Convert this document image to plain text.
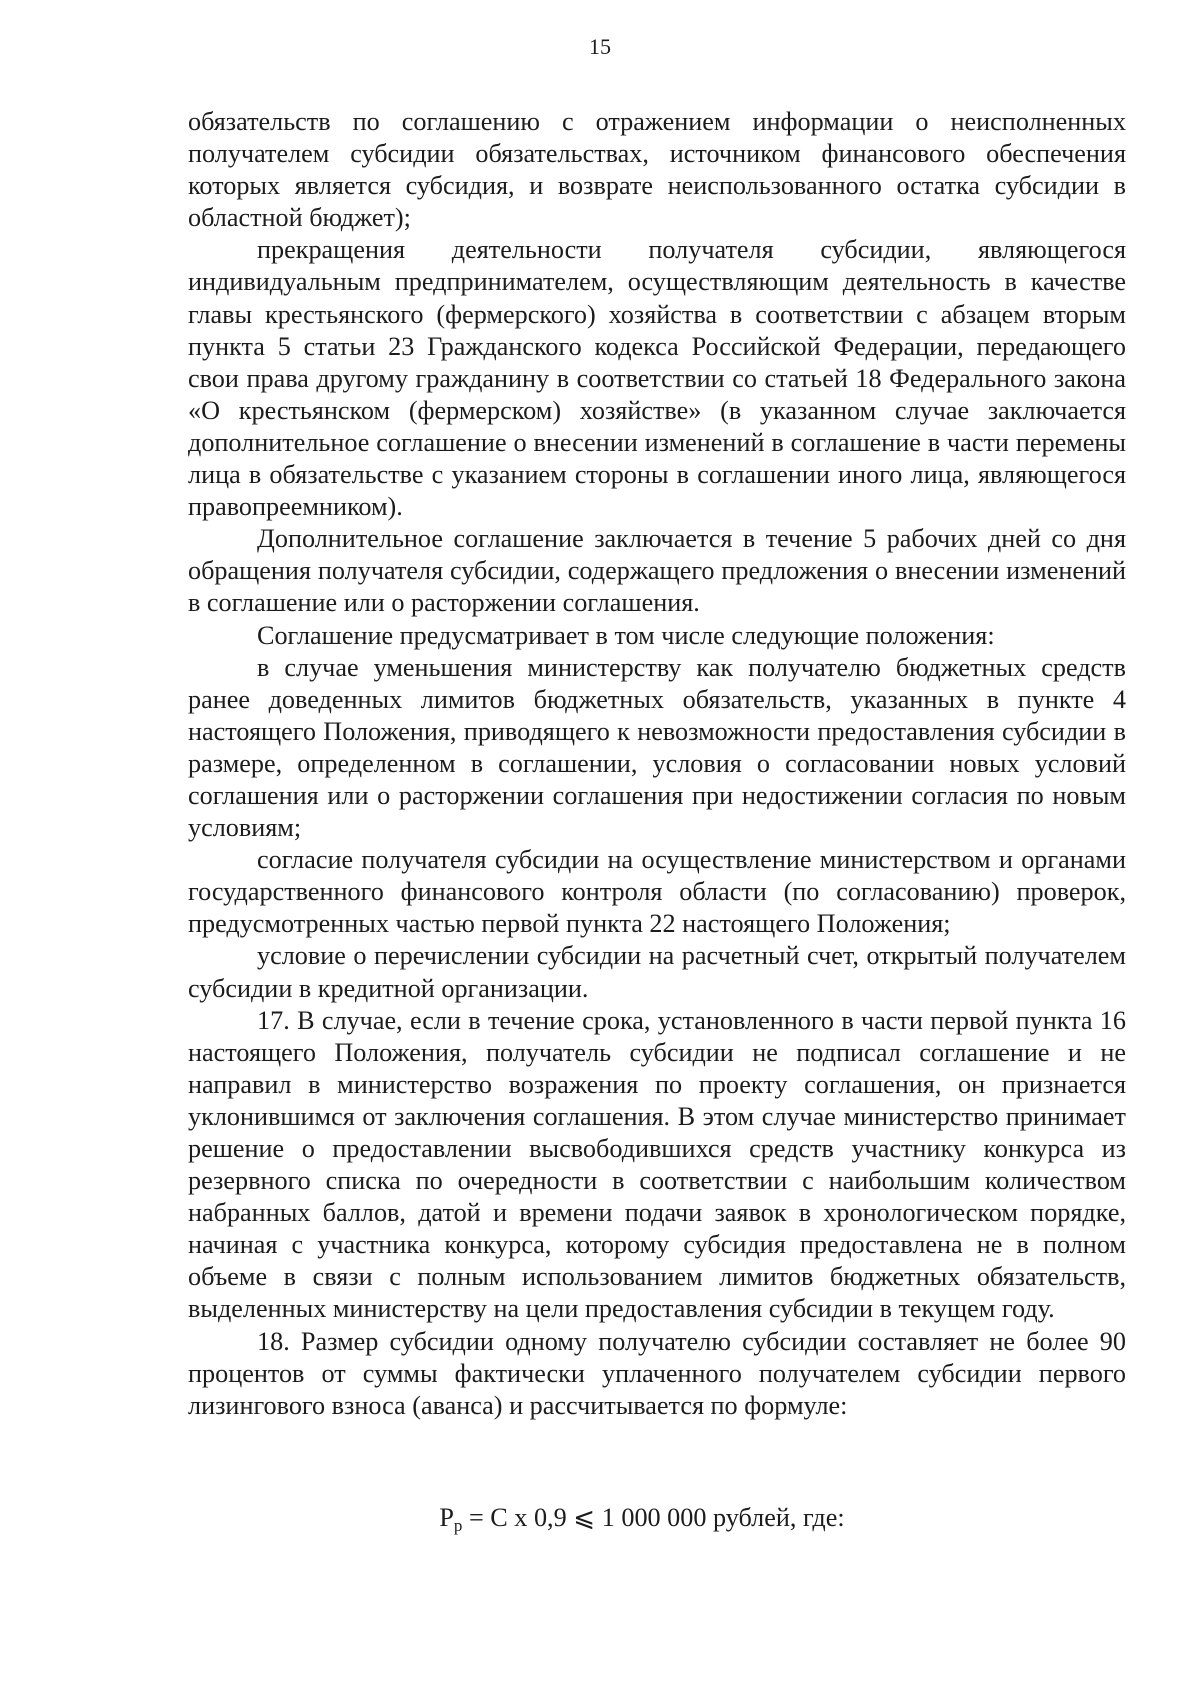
15

обязательств по соглашению с отражением информации о неисполненных получателем субсидии обязательствах, источником финансового обеспечения которых является субсидия, и возврате неиспользованного остатка субсидии в областной бюджет);

прекращения деятельности получателя субсидии, являющегося индивидуальным предпринимателем, осуществляющим деятельность в качестве главы крестьянского (фермерского) хозяйства в соответствии с абзацем вторым пункта 5 статьи 23 Гражданского кодекса Российской Федерации, передающего свои права другому гражданину в соответствии со статьей 18 Федерального закона «О крестьянском (фермерском) хозяйстве» (в указанном случае заключается дополнительное соглашение о внесении изменений в соглашение в части перемены лица в обязательстве с указанием стороны в соглашении иного лица, являющегося правопреемником).

Дополнительное соглашение заключается в течение 5 рабочих дней со дня обращения получателя субсидии, содержащего предложения о внесении изменений в соглашение или о расторжении соглашения.

Соглашение предусматривает в том числе следующие положения:

в случае уменьшения министерству как получателю бюджетных средств ранее доведенных лимитов бюджетных обязательств, указанных в пункте 4 настоящего Положения, приводящего к невозможности предоставления субсидии в размере, определенном в соглашении, условия о согласовании новых условий соглашения или о расторжении соглашения при недостижении согласия по новым условиям;

согласие получателя субсидии на осуществление министерством и органами государственного финансового контроля области (по согласованию) проверок, предусмотренных частью первой пункта 22 настоящего Положения;

условие о перечислении субсидии на расчетный счет, открытый получателем субсидии в кредитной организации.

17. В случае, если в течение срока, установленного в части первой пункта 16 настоящего Положения, получатель субсидии не подписал соглашение и не направил в министерство возражения по проекту соглашения, он признается уклонившимся от заключения соглашения. В этом случае министерство принимает решение о предоставлении высвободившихся средств участнику конкурса из резервного списка по очередности в соответствии с наибольшим количеством набранных баллов, датой и времени подачи заявок в хронологическом порядке, начиная с участника конкурса, которому субсидия предоставлена не в полном объеме в связи с полным использованием лимитов бюджетных обязательств, выделенных министерству на цели предоставления субсидии в текущем году.

18. Размер субсидии одному получателю субсидии составляет не более 90 процентов от суммы фактически уплаченного получателем субсидии первого лизингового взноса (аванса) и рассчитывается по формуле:

$P_р = С$ х 0,9 ⩽ 1 000 000 рублей, где:
